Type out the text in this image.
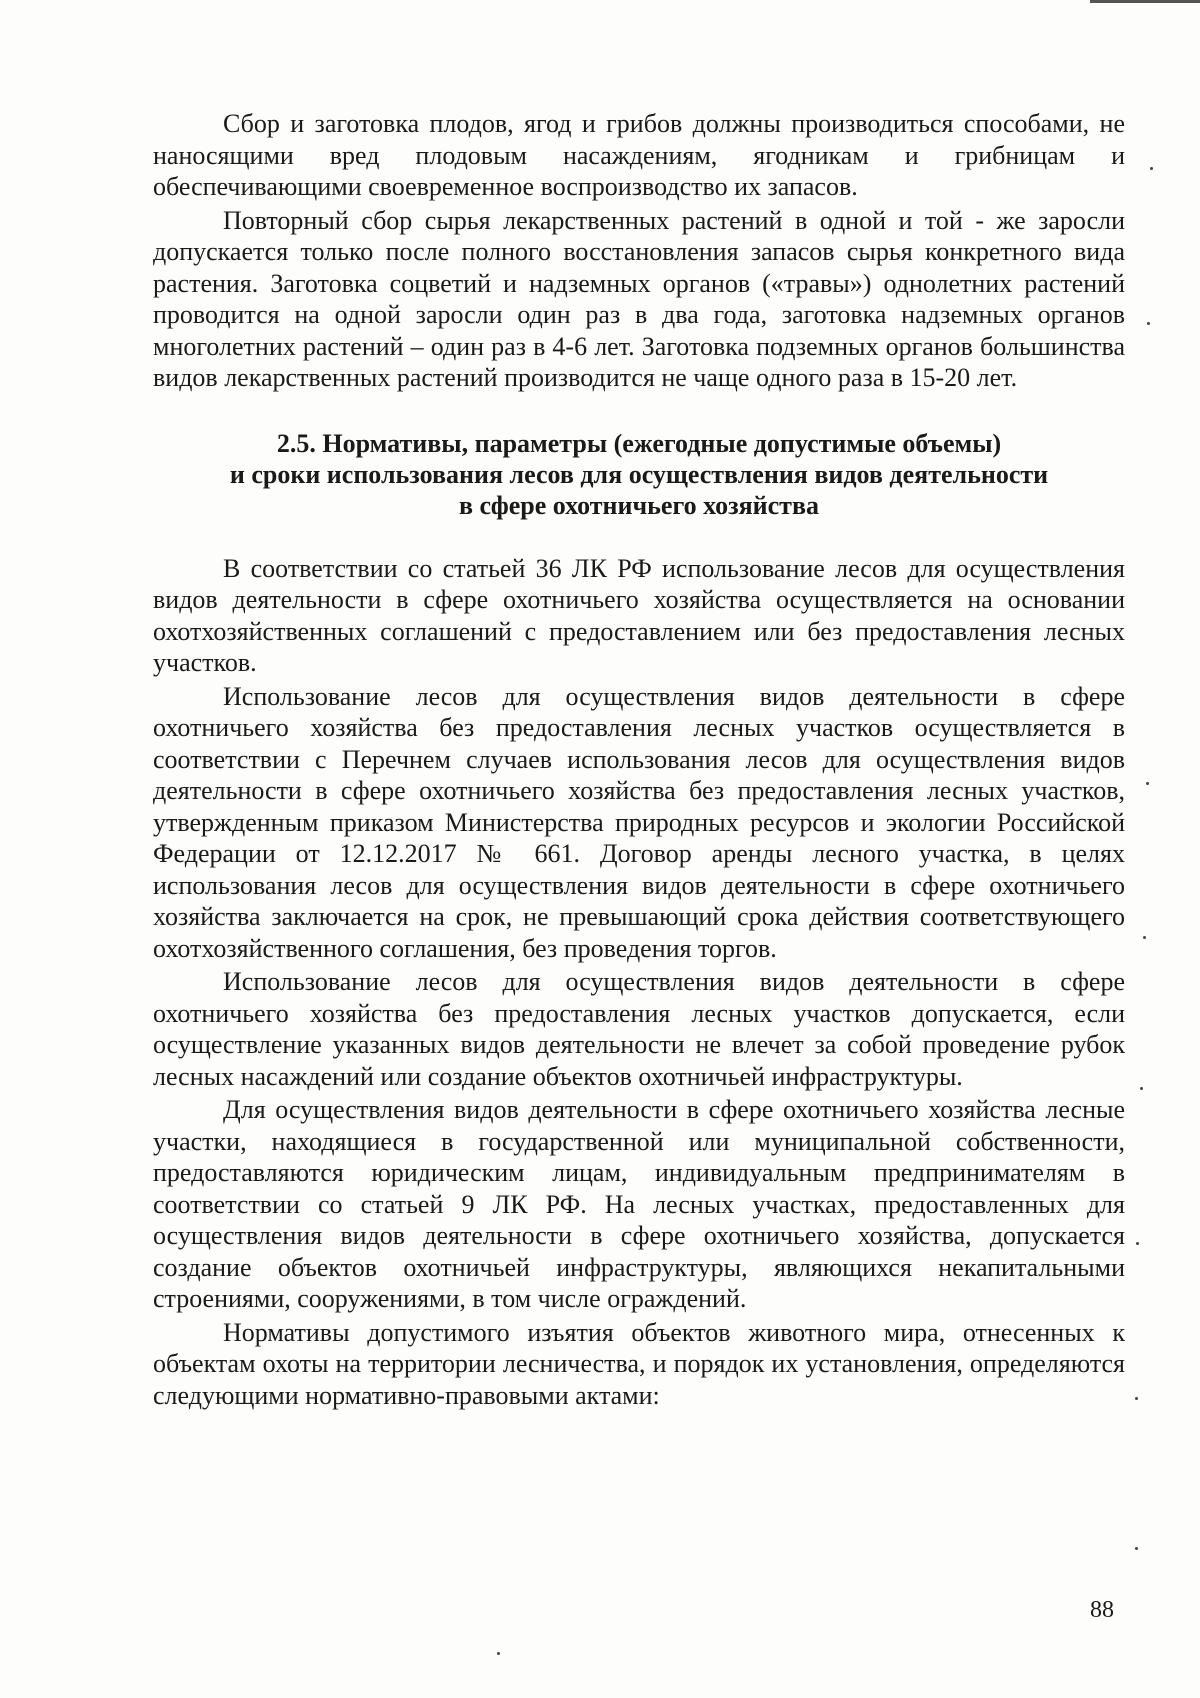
Сбор и заготовка плодов, ягод и грибов должны производиться способами, не наносящими вред плодовым насаждениям, ягодникам и грибницам и обеспечивающими своевременное воспроизводство их запасов.

Повторный сбор сырья лекарственных растений в одной и той - же заросли допускается только после полного восстановления запасов сырья конкретного вида растения. Заготовка соцветий и надземных органов («травы») однолетних растений проводится на одной заросли один раз в два года, заготовка надземных органов многолетних растений – один раз в 4-6 лет. Заготовка подземных органов большинства видов лекарственных растений производится не чаще одного раза в 15-20 лет.

2.5. Нормативы, параметры (ежегодные допустимые объемы)
и сроки использования лесов для осуществления видов деятельности
в сфере охотничьего хозяйства

В соответствии со статьей 36 ЛК РФ использование лесов для осуществления видов деятельности в сфере охотничьего хозяйства осуществляется на основании охотхозяйственных соглашений с предоставлением или без предоставления лесных участков.

Использование лесов для осуществления видов деятельности в сфере охотничьего хозяйства без предоставления лесных участков осуществляется в соответствии с Перечнем случаев использования лесов для осуществления видов деятельности в сфере охотничьего хозяйства без предоставления лесных участков, утвержденным приказом Министерства природных ресурсов и экологии Российской Федерации от 12.12.2017 № 661. Договор аренды лесного участка, в целях использования лесов для осуществления видов деятельности в сфере охотничьего хозяйства заключается на срок, не превышающий срока действия соответствующего охотхозяйственного соглашения, без проведения торгов.

Использование лесов для осуществления видов деятельности в сфере охотничьего хозяйства без предоставления лесных участков допускается, если осуществление указанных видов деятельности не влечет за собой проведение рубок лесных насаждений или создание объектов охотничьей инфраструктуры.

Для осуществления видов деятельности в сфере охотничьего хозяйства лесные участки, находящиеся в государственной или муниципальной собственности, предоставляются юридическим лицам, индивидуальным предпринимателям в соответствии со статьей 9 ЛК РФ. На лесных участках, предоставленных для осуществления видов деятельности в сфере охотничьего хозяйства, допускается создание объектов охотничьей инфраструктуры, являющихся некапитальными строениями, сооружениями, в том числе ограждений.

Нормативы допустимого изъятия объектов животного мира, отнесенных к объектам охоты на территории лесничества, и порядок их установления, определяются следующими нормативно-правовыми актами:

88
